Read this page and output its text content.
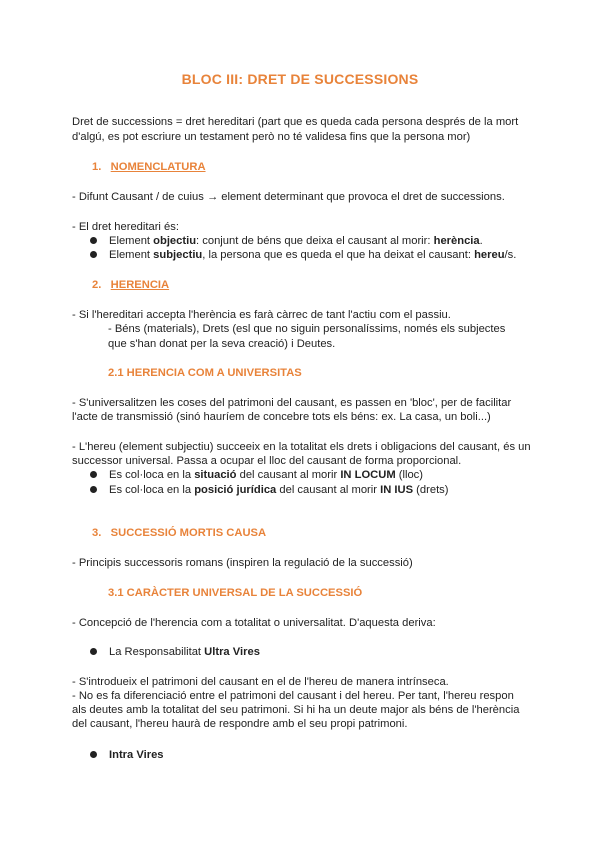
BLOC III: DRET DE SUCCESSIONS
Dret de successions = dret hereditari (part que es queda cada persona després de la mort
d'algú, es pot escriure un testament però no té validesa fins que la persona mor)
1. NOMENCLATURA
- Difunt Causant / de cuius → element determinant que provoca el dret de successions.
- El dret hereditari és:
Element objectiu: conjunt de béns que deixa el causant al morir: herència.
Element subjectiu, la persona que es queda el que ha deixat el causant: hereu/s.
2. HERENCIA
- Si l'hereditari accepta l'herència es farà càrrec de tant l'actiu com el passiu.
- Béns (materials), Drets (esl que no siguin personalíssims, només els subjectes
que s'han donat per la seva creació) i Deutes.
2.1 HERENCIA COM A UNIVERSITAS
- S'universalitzen les coses del patrimoni del causant, es passen en 'bloc', per de facilitar
l'acte de transmissió (sinó hauríem de concebre tots els béns: ex. La casa, un boli...)
- L'hereu (element subjectiu) succeeix en la totalitat els drets i obligacions del causant, és un
successor universal. Passa a ocupar el lloc del causant de forma proporcional.
Es col·loca en la situació del causant al morir IN LOCUM (lloc)
Es col·loca en la posició jurídica del causant al morir IN IUS (drets)
3. SUCCESSIÓ MORTIS CAUSA
- Principis successoris romans (inspiren la regulació de la successió)
3.1 CARÀCTER UNIVERSAL DE LA SUCCESSIÓ
- Concepció de l'herencia com a totalitat o universalitat. D'aquesta deriva:
La Responsabilitat Ultra Vires
- S'introdueix el patrimoni del causant en el de l'hereu de manera intrínseca.
- No es fa diferenciació entre el patrimoni del causant i del hereu. Per tant, l'hereu respon
als deutes amb la totalitat del seu patrimoni. Si hi ha un deute major als béns de l'herència
del causant, l'hereu haurà de respondre amb el seu propi patrimoni.
Intra Vires
